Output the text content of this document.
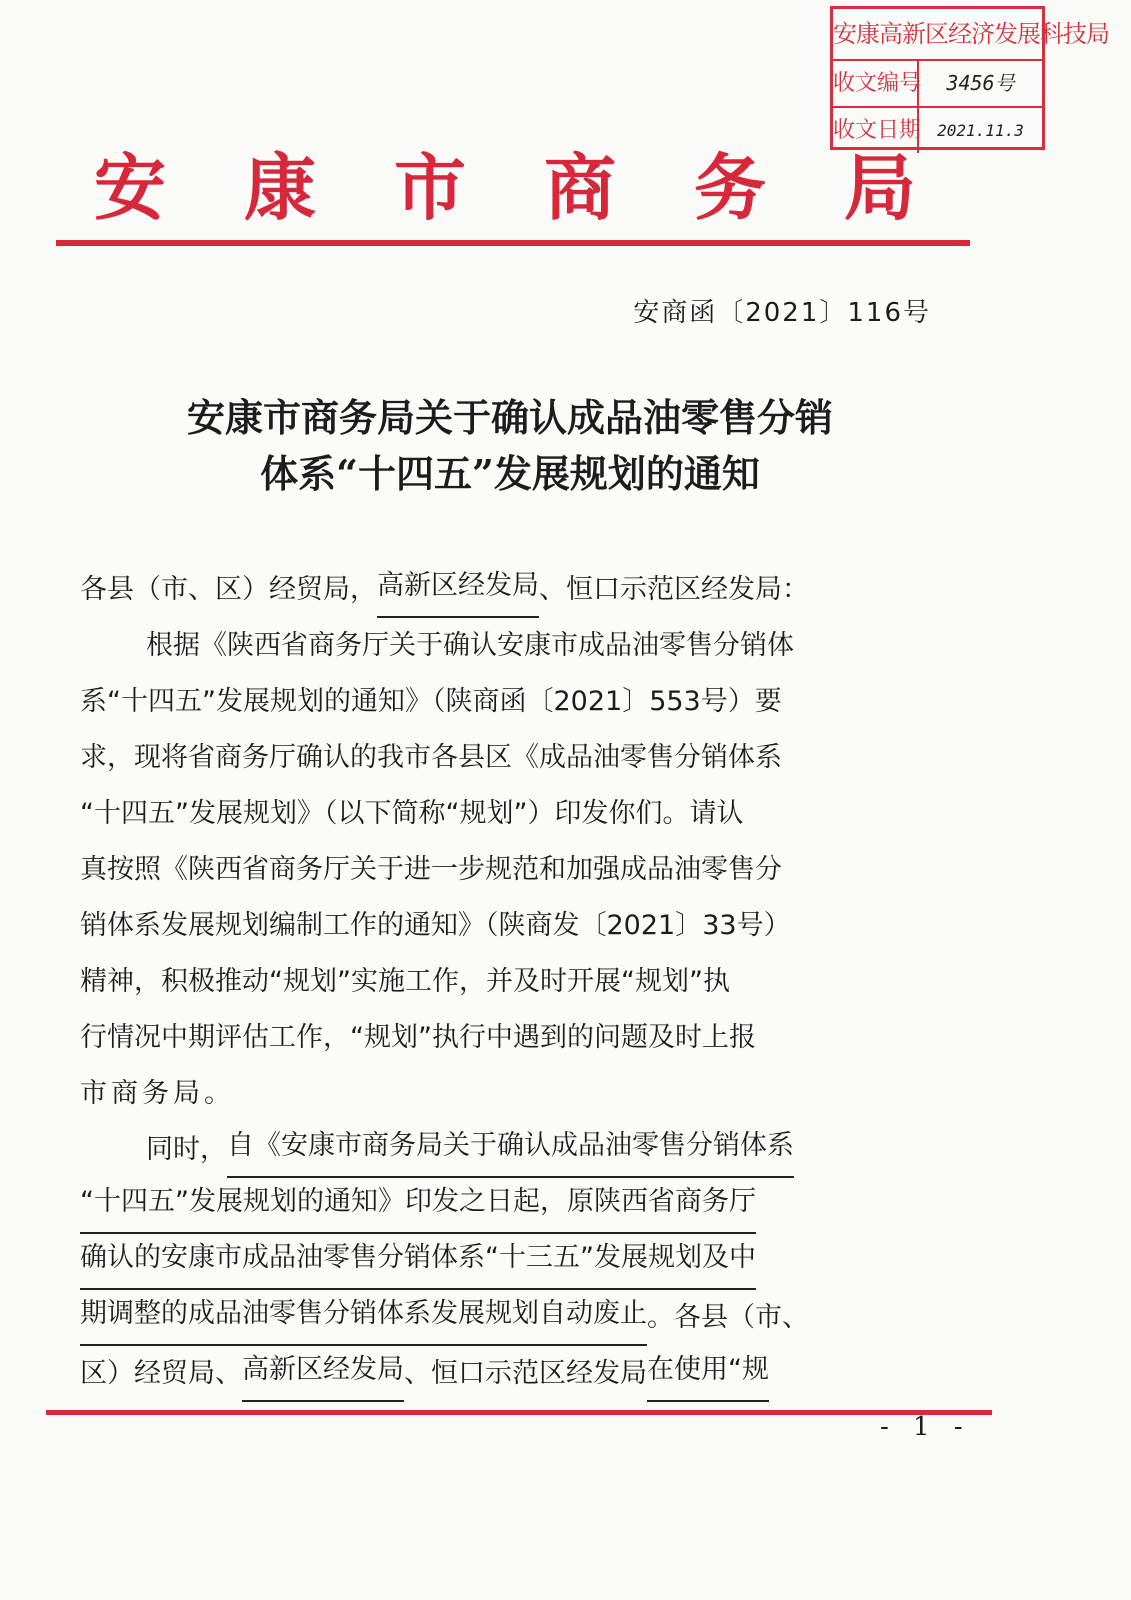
安康高新区经济发展科技局
收文编号	3456号
收文日期	2021.11.3
安 康 市 商 务 局
安商函〔2021〕116号
安康市商务局关于确认成品油零售分销
体系“十四五”发展规划的通知
各县（市、区）经贸局， 高新区经发局 、恒口示范区经发局：
根据《陕西省商务厅关于确认安康市成品油零售分销体
系“十四五”发展规划的通知》（陕商函〔2021〕553号）要
求，现将省商务厅确认的我市各县区《成品油零售分销体系
“十四五”发展规划》（以下简称“规划”）印发你们。请认
真按照《陕西省商务厅关于进一步规范和加强成品油零售分
销体系发展规划编制工作的通知》（陕商发〔2021〕33号）
精神，积极推动“规划”实施工作，并及时开展“规划”执
行情况中期评估工作，“规划”执行中遇到的问题及时上报
市商务局。
同时， 自《安康市商务局关于确认成品油零售分销体系
“十四五”发展规划的通知》印发之日起，原陕西省商务厅
确认的安康市成品油零售分销体系“十三五”发展规划及中
期调整的成品油零售分销体系发展规划自动废止 。各县（市、
区）经贸局、 高新区经发局 、恒口示范区经发局 在使用“规
- 1 -
